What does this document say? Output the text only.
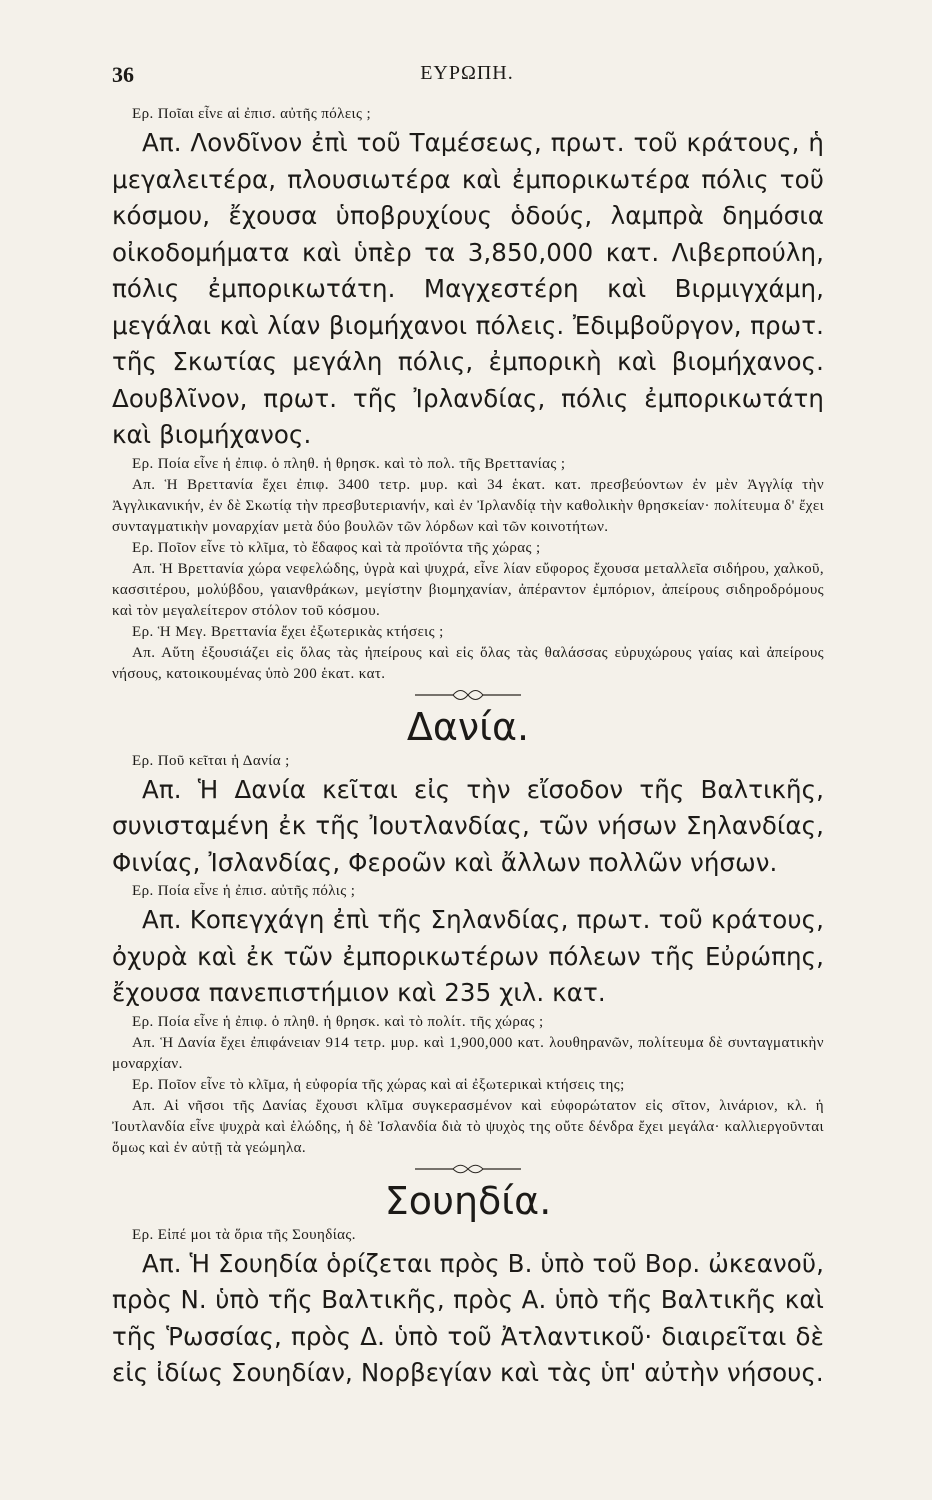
36	ΕΥΡΩΠΗ.

Ερ. Ποῖαι εἶνε αἱ ἐπισ. αὐτῆς πόλεις ;

Απ. Λονδῖνον ἐπὶ τοῦ Ταμέσεως, πρωτ. τοῦ κράτους, ἡ μεγαλειτέρα, πλουσιωτέρα καὶ ἐμπορικωτέρα πόλις τοῦ κόσμου, ἔχουσα ὑποβρυχίους ὁδούς, λαμπρὰ δημόσια οἰκοδομήματα καὶ ὑπὲρ τα 3,850,000 κατ. Λιβερπούλη, πόλις ἐμπορικωτάτη. Μαγχεστέρη καὶ Βιρμιγχάμη, μεγάλαι καὶ λίαν βιομήχανοι πόλεις. Ἐδιμβοῦργον, πρωτ. τῆς Σκωτίας μεγάλη πόλις, ἐμπορικὴ καὶ βιομήχανος. Δουβλῖνον, πρωτ. τῆς Ἰρλανδίας, πόλις ἐμπορικωτάτη καὶ βιομήχανος.

Ερ. Ποία εἶνε ἡ ἐπιφ. ὁ πληθ. ἡ θρησκ. καὶ τὸ πολ. τῆς Βρεττανίας ;

Απ. Ἡ Βρεττανία ἔχει ἐπιφ. 3400 τετρ. μυρ. καὶ 34 ἑκατ. κατ. πρεσβεύοντων ἐν μὲν Ἀγγλίᾳ τὴν Ἀγγλικανικήν, ἐν δὲ Σκωτίᾳ τὴν πρεσβυτεριανήν, καὶ ἐν Ἰρλανδίᾳ τὴν καθολικὴν θρησκείαν· πολίτευμα δ' ἔχει συνταγματικὴν μοναρχίαν μετὰ δύο βουλῶν τῶν λόρδων καὶ τῶν κοινοτήτων.

Ερ. Ποῖον εἶνε τὸ κλῖμα, τὸ ἔδαφος καὶ τὰ προϊόντα τῆς χώρας ;

Απ. Ἡ Βρεττανία χώρα νεφελώδης, ὑγρὰ καὶ ψυχρά, εἶνε λίαν εὔφορος ἔχουσα μεταλλεῖα σιδήρου, χαλκοῦ, κασσιτέρου, μολύβδου, γαιανθράκων, μεγίστην βιομηχανίαν, ἀπέραντον ἐμπόριον, ἀπείρους σιδηροδρόμους καὶ τὸν μεγαλείτερον στόλον τοῦ κόσμου.

Ερ. Ἡ Μεγ. Βρεττανία ἔχει ἐξωτερικὰς κτήσεις ;

Απ. Αὕτη ἐξουσιάζει εἰς ὅλας τὰς ἠπείρους καὶ εἰς ὅλας τὰς θαλάσσας εὐρυχώρους γαίας καὶ ἀπείρους νήσους, κατοικουμένας ὑπὸ 200 ἑκατ. κατ.

Δανία.

Ερ. Ποῦ κεῖται ἡ Δανία ;

Απ. Ἡ Δανία κεῖται εἰς τὴν εἴσοδον τῆς Βαλτικῆς, συνισταμένη ἐκ τῆς Ἰουτλανδίας, τῶν νήσων Σηλανδίας, Φινίας, Ἰσλανδίας, Φεροῶν καὶ ἄλλων πολλῶν νήσων.

Ερ. Ποία εἶνε ἡ ἐπισ. αὐτῆς πόλις ;

Απ. Κοπεγχάγη ἐπὶ τῆς Σηλανδίας, πρωτ. τοῦ κράτους, ὀχυρὰ καὶ ἐκ τῶν ἐμπορικωτέρων πόλεων τῆς Εὐρώπης, ἔχουσα πανεπιστήμιον καὶ 235 χιλ. κατ.

Ερ. Ποία εἶνε ἡ ἐπιφ. ὁ πληθ. ἡ θρησκ. καὶ τὸ πολίτ. τῆς χώρας ;

Απ. Ἡ Δανία ἔχει ἐπιφάνειαν 914 τετρ. μυρ. καὶ 1,900,000 κατ. λουθηρανῶν, πολίτευμα δὲ συνταγματικὴν μοναρχίαν.

Ερ. Ποῖον εἶνε τὸ κλῖμα, ἡ εὐφορία τῆς χώρας καὶ αἱ ἐξωτερικαὶ κτήσεις της;

Απ. Αἱ νῆσοι τῆς Δανίας ἔχουσι κλῖμα συγκερασμένον καὶ εὐφορώτατον εἰς σῖτον, λινάριον, κλ. ἡ Ἰουτλανδία εἶνε ψυχρὰ καὶ ἑλώδης, ἡ δὲ Ἰσλανδία διὰ τὸ ψυχὸς της οὔτε δένδρα ἔχει μεγάλα· καλλιεργοῦνται ὅμως καὶ ἐν αὐτῇ τὰ γεώμηλα.

Σουηδία.

Ερ. Εἰπέ μοι τὰ ὅρια τῆς Σουηδίας.

Απ. Ἡ Σουηδία ὁρίζεται πρὸς Β. ὑπὸ τοῦ Βορ. ὠκεανοῦ, πρὸς Ν. ὑπὸ τῆς Βαλτικῆς, πρὸς Α. ὑπὸ τῆς Βαλτικῆς καὶ τῆς Ῥωσσίας, πρὸς Δ. ὑπὸ τοῦ Ἀτλαντικοῦ· διαιρεῖται δὲ εἰς ἰδίως Σουηδίαν, Νορβεγίαν καὶ τὰς ὑπ' αὐτὴν νήσους.
